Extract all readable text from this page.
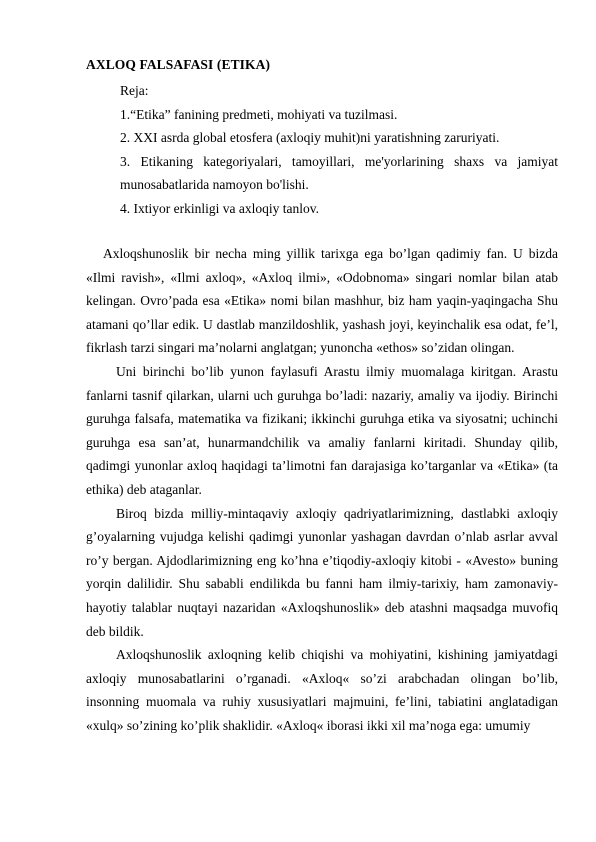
AXLOQ FALSAFASI (ETIKA)
Reja:
1.“Etika” fanining predmeti, mohiyati va tuzilmasi.
2. XXI asrda global etosfera (axloqiy muhit)ni yaratishning zaruriyati.
3. Etikaning kategoriyalari, tamoyillari, me'yorlarining shaxs va jamiyat munosabatlarida namoyon bo'lishi.
4. Ixtiyor erkinligi va axloqiy tanlov.

Axloqshunoslik bir necha ming yillik tarixga ega bo’lgan qadimiy fan. U bizda «Ilmi ravish», «Ilmi axloq», «Axloq ilmi», «Odobnoma» singari nomlar bilan atab kelingan. Ovro’pada esa «Etika» nomi bilan mashhur, biz ham yaqin-yaqingacha Shu atamani qo’llar edik. U dastlab manzildoshlik, yashash joyi, keyinchalik esa odat, fe’l, fikrlash tarzi singari ma’nolarni anglatgan; yunoncha «ethos» so’zidan olingan.

Uni birinchi bo’lib yunon faylasufi Arastu ilmiy muomalaga kiritgan. Arastu fanlarni tasnif qilarkan, ularni uch guruhga bo’ladi: nazariy, amaliy va ijodiy. Birinchi guruhga falsafa, matematika va fizikani; ikkinchi guruhga etika va siyosatni; uchinchi guruhga esa san’at, hunarmandchilik va amaliy fanlarni kiritadi. Shunday qilib, qadimgi yunonlar axloq haqidagi ta’limotni fan darajasiga ko’targanlar va «Etika» (ta ethika) deb ataganlar.

Biroq bizda milliy-mintaqaviy axloqiy qadriyatlarimizning, dastlabki axloqiy g’oyalarning vujudga kelishi qadimgi yunonlar yashagan davrdan o’nlab asrlar avval ro’y bergan. Ajdodlarimizning eng ko’hna e’tiqodiy-axloqiy kitobi - «Avesto» buning yorqin dalilidir. Shu sababli endilikda bu fanni ham ilmiy-tarixiy, ham zamonaviy-hayotiy talablar nuqtayi nazaridan «Axloqshunoslik» deb atashni maqsadga muvofiq deb bildik.

Axloqshunoslik axloqning kelib chiqishi va mohiyatini, kishining jamiyatdagi axloqiy munosabatlarini o’rganadi. «Axloq« so’zi arabchadan olingan bo’lib, insonning muomala va ruhiy xususiyatlari majmuini, fe’lini, tabiatini anglatadigan «xulq» so’zining ko’plik shaklidir. «Axloq« iborasi ikki xil ma’noga ega: umumiy
